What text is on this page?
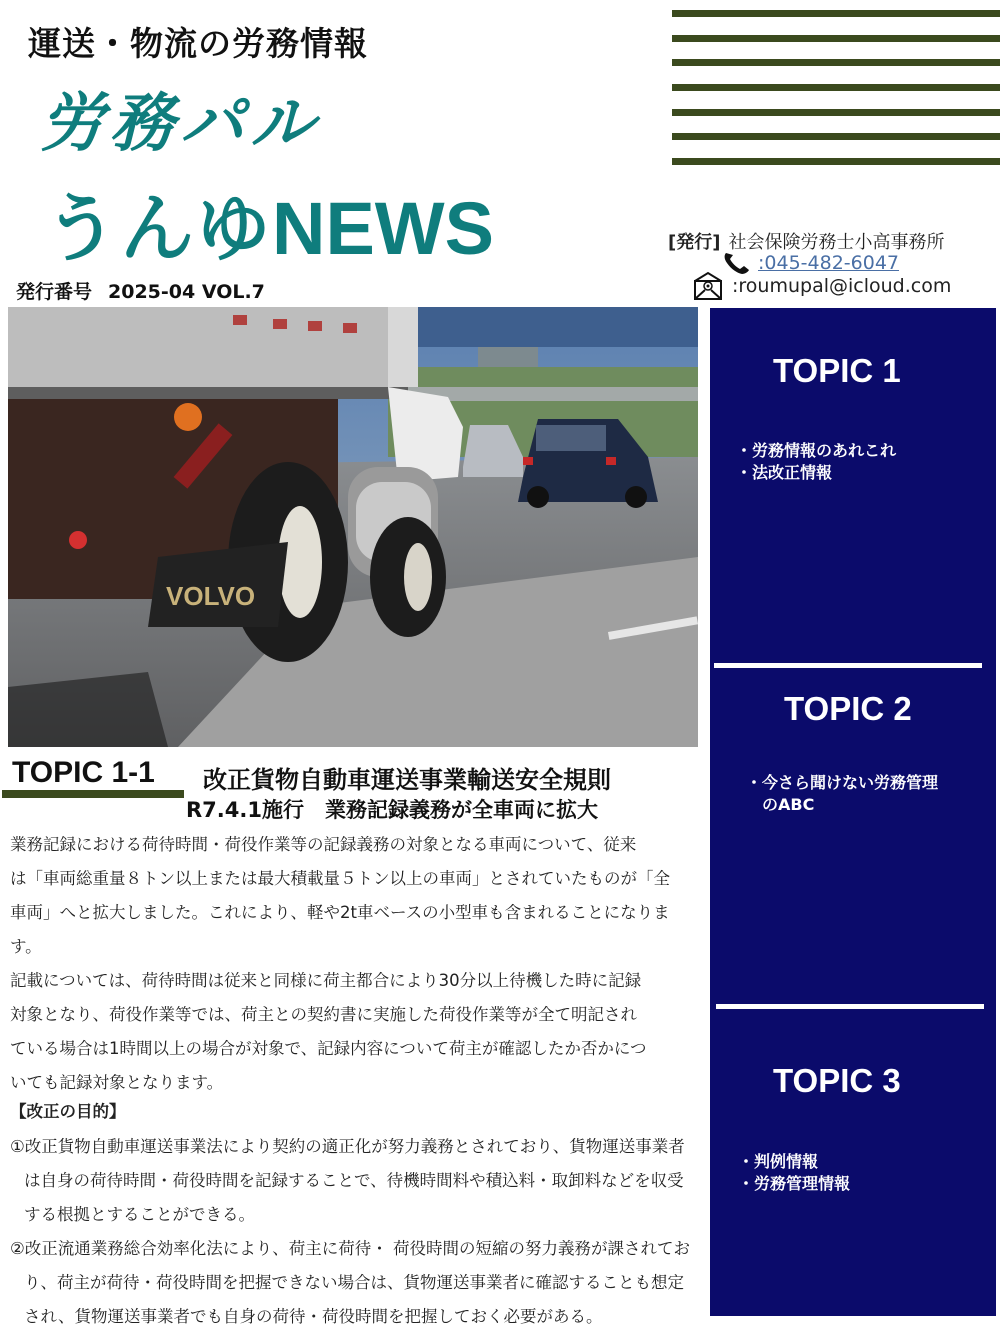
運送・物流の労務情報
労務パル
うんゆNEWS
発行番号 2025-04 VOL.7
[発行] 社会保険労務士小高事務所
:045-482-6047
:roumupal@icloud.com
VOLVO
TOPIC 1
・労務情報のあれこれ
・法改正情報
TOPIC 2
・今さら聞けない労務管理
　のABC
TOPIC 3
・判例情報
・労務管理情報
TOPIC 1-1 改正貨物自動車運送事業輸送安全規則
R7.4.1施行　業務記録義務が全車両に拡大

業務記録における荷待時間・荷役作業等の記録義務の対象となる車両について、従来

は「車両総重量８トン以上または最大積載量５トン以上の車両」とされていたものが「全

車両」へと拡大しました。これにより、軽や2t車ベースの小型車も含まれることになります。

記載については、荷待時間は従来と同様に荷主都合により30分以上待機した時に記録

対象となり、荷役作業等では、荷主との契約書に実施した荷役作業等が全て明記され

ている場合は1時間以上の場合が対象で、記録内容について荷主が確認したか否かにつ

いても記録対象となります。

【改正の目的】

①改正貨物自動車運送事業法により契約の適正化が努力義務とされており、貨物運送事業者は自身の荷待時間・荷役時間を記録することで、待機時間料や積込料・取卸料などを収受する根拠とすることができる。

②改正流通業務総合効率化法により、荷主に荷待・ 荷役時間の短縮の努力義務が課されており、荷主が荷待・荷役時間を把握できない場合は、貨物運送事業者に確認することも想定され、貨物運送事業者でも自身の荷待・荷役時間を把握しておく必要がある。
